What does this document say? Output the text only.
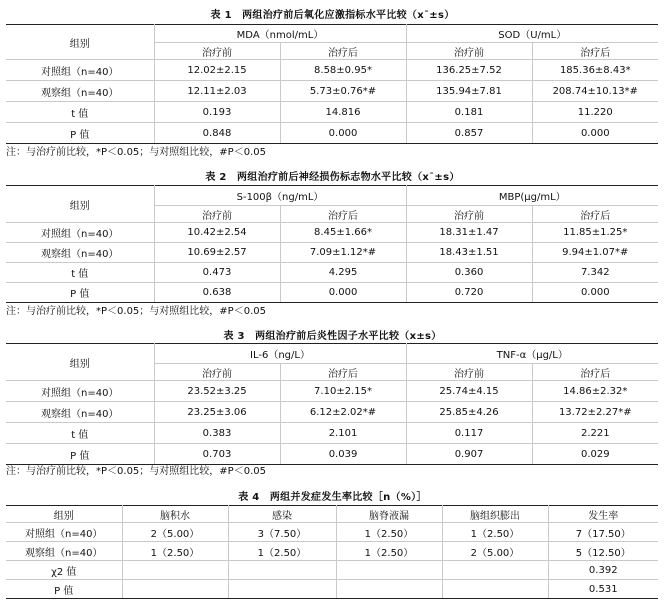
表 1　两组治疗前后氧化应激指标水平比较（x¯±s）
组别	MDA（nmol/mL）		SOD（U/mL）	
	治疗前	治疗后	治疗前	治疗后
对照组（n=40）	12.02±2.15	8.58±0.95*	136.25±7.52	185.36±8.43*
观察组（n=40）	12.11±2.03	5.73±0.76*#	135.94±7.81	208.74±10.13*#
t 值	0.193	14.816	0.181	11.220
P 值	0.848	0.000	0.857	0.000
注：与治疗前比较，*P＜0.05；与对照组比较，#P＜0.05
表 2　两组治疗前后神经损伤标志物水平比较（x¯±s）
组别	S-100β（ng/mL）		MBP(μg/mL）	
	治疗前	治疗后	治疗前	治疗后
对照组（n=40）	10.42±2.54	8.45±1.66*	18.31±1.47	11.85±1.25*
观察组（n=40）	10.69±2.57	7.09±1.12*#	18.43±1.51	9.94±1.07*#
t 值	0.473	4.295	0.360	7.342
P 值	0.638	0.000	0.720	0.000
注：与治疗前比较，*P＜0.05；与对照组比较，#P＜0.05
表 3　两组治疗前后炎性因子水平比较（x±s）
组别	IL-6（ng/L）		TNF-α（μg/L）	
	治疗前	治疗后	治疗前	治疗后
对照组（n=40）	23.52±3.25	7.10±2.15*	25.74±4.15	14.86±2.32*
观察组（n=40）	23.25±3.06	6.12±2.02*#	25.85±4.26	13.72±2.27*#
t 值	0.383	2.101	0.117	2.221
P 值	0.703	0.039	0.907	0.029
注：与治疗前比较，*P＜0.05；与对照组比较，#P＜0.05
表 4　两组并发症发生率比较［n（%）］
组别	脑积水	感染	脑脊液漏	脑组织膨出	发生率
对照组（n=40）	2（5.00）	3（7.50）	1（2.50）	1（2.50）	7（17.50）
观察组（n=40）	1（2.50）	1（2.50）	1（2.50）	2（5.00）	5（12.50）
χ2 值					0.392
P 值					0.531
